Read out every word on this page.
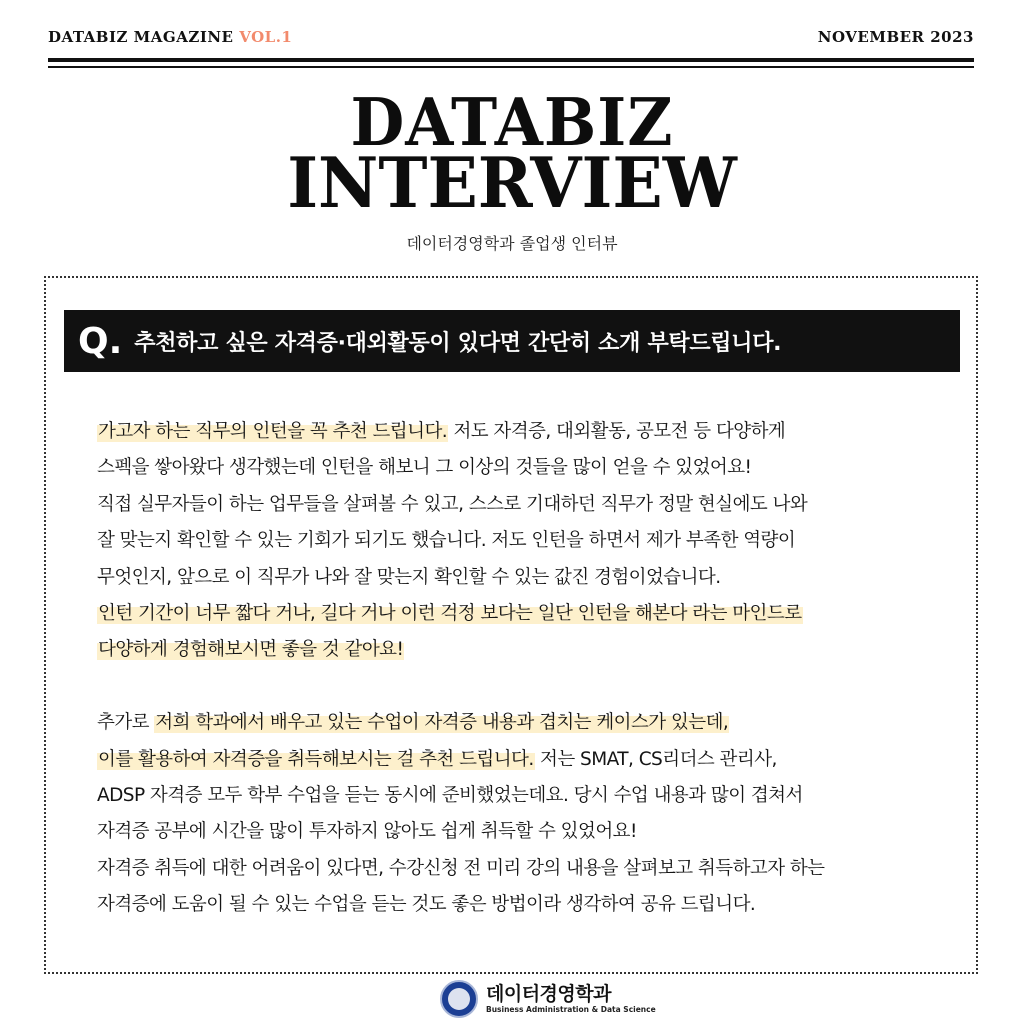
DATABIZ MAGAZINE VOL.1	NOVEMBER 2023
DATABIZ
INTERVIEW
데이터경영학과 졸업생 인터뷰
Q. 추천하고 싶은 자격증·대외활동이 있다면 간단히 소개 부탁드립니다.
가고자 하는 직무의 인턴을 꼭 추천 드립니다. 저도 자격증, 대외활동, 공모전 등 다양하게
스펙을 쌓아왔다 생각했는데 인턴을 해보니 그 이상의 것들을 많이 얻을 수 있었어요!
직접 실무자들이 하는 업무들을 살펴볼 수 있고, 스스로 기대하던 직무가 정말 현실에도 나와
잘 맞는지 확인할 수 있는 기회가 되기도 했습니다. 저도 인턴을 하면서 제가 부족한 역량이
무엇인지, 앞으로 이 직무가 나와 잘 맞는지 확인할 수 있는 값진 경험이었습니다.
인턴 기간이 너무 짧다 거나, 길다 거나 이런 걱정 보다는 일단 인턴을 해본다 라는 마인드로
다양하게 경험해보시면 좋을 것 같아요!
추가로 저희 학과에서 배우고 있는 수업이 자격증 내용과 겹치는 케이스가 있는데,
이를 활용하여 자격증을 취득해보시는 걸 추천 드립니다. 저는 SMAT, CS리더스 관리사,
ADSP 자격증 모두 학부 수업을 듣는 동시에 준비했었는데요. 당시 수업 내용과 많이 겹쳐서
자격증 공부에 시간을 많이 투자하지 않아도 쉽게 취득할 수 있었어요!
자격증 취득에 대한 어려움이 있다면, 수강신청 전 미리 강의 내용을 살펴보고 취득하고자 하는
자격증에 도움이 될 수 있는 수업을 듣는 것도 좋은 방법이라 생각하여 공유 드립니다.
데이터경영학과
Business Administration & Data Science
